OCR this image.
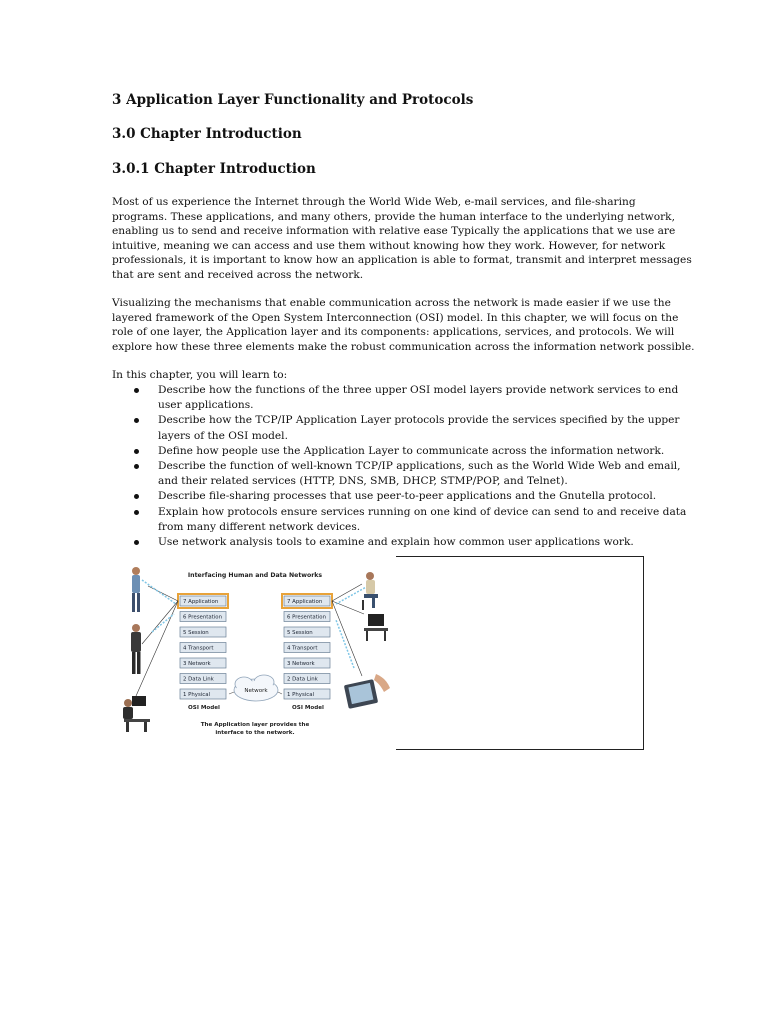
3 Application Layer Functionality and Protocols
3.0 Chapter Introduction
3.0.1 Chapter Introduction

Most of us experience the Internet through the World Wide Web, e-mail services, and file-sharing
programs. These applications, and many others, provide the human interface to the underlying network,
enabling us to send and receive information with relative ease Typically the applications that we use are
intuitive, meaning we can access and use them without knowing how they work. However, for network
professionals, it is important to know how an application is able to format, transmit and interpret messages
that are sent and received across the network.

Visualizing the mechanisms that enable communication across the network is made easier if we use the
layered framework of the Open System Interconnection (OSI) model. In this chapter, we will focus on the
role of one layer, the Application layer and its components: applications, services, and protocols. We will
explore how these three elements make the robust communication across the information network possible.

In this chapter, you will learn to:

Describe how the functions of the three upper OSI model layers provide network services to end
user applications.
Describe how the TCP/IP Application Layer protocols provide the services specified by the upper
layers of the OSI model.
Define how people use the Application Layer to communicate across the information network.
Describe the function of well-known TCP/IP applications, such as the World Wide Web and email,
and their related services (HTTP, DNS, SMB, DHCP, STMP/POP, and Telnet).
Describe file-sharing processes that use peer-to-peer applications and the Gnutella protocol.
Explain how protocols ensure services running on one kind of device can send to and receive data
from many different network devices.
Use network analysis tools to examine and explain how common user applications work.
Interfacing Human and Data Networks
7 Application
6 Presentation
5 Session
4 Transport
3 Network
2 Data Link
1 Physical
OSI Model
7 Application
6 Presentation
5 Session
4 Transport
3 Network
2 Data Link
1 Physical
OSI Model
Network
The Application layer provides the
interface to the network.
